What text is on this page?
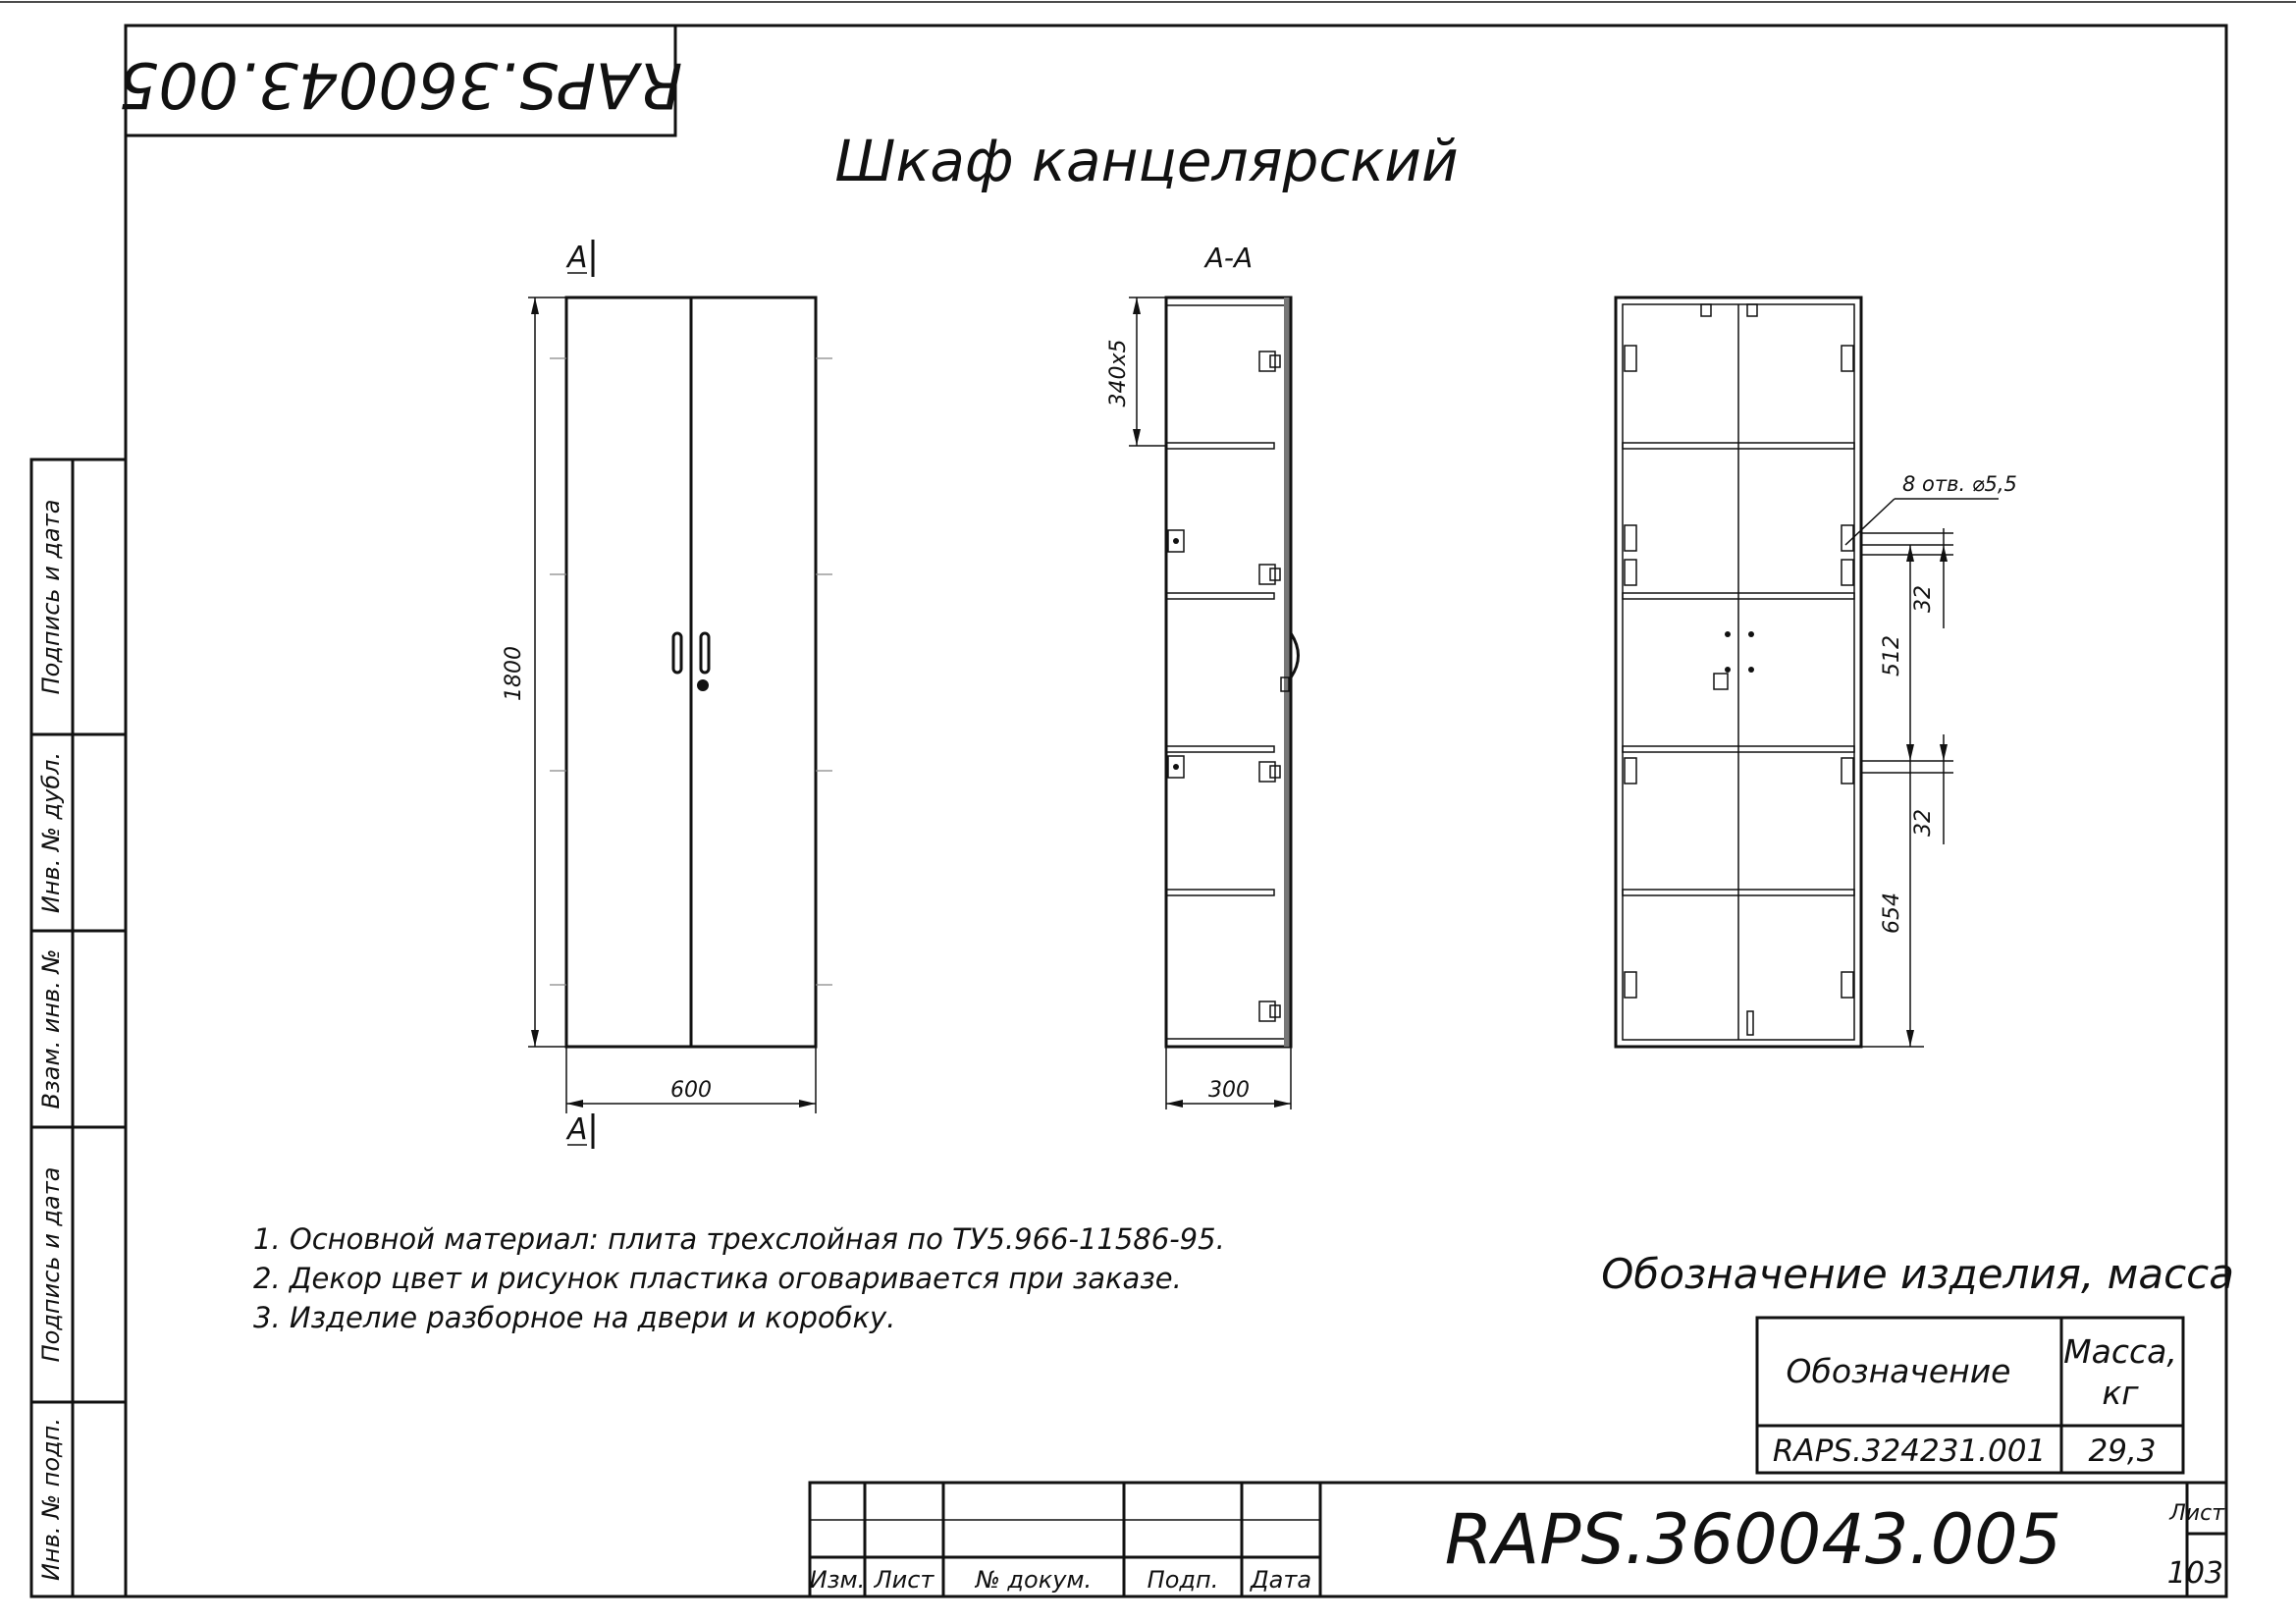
RAPS.360043.005
Шкаф канцелярский
Подпись и дата
Инв. № дубл.
Взам. инв. №
Подпись и дата
Инв. № подп.
1800
600
А
А
А-А
300
340x5
8 отв. ⌀5,5
32
512
32
654
1. Основной материал: плита трехслойная по ТУ5.966-11586-95.
2. Декор цвет и рисунок пластика оговаривается при заказе.
3. Изделие разборное на двери и коробку.
Обозначение изделия, масса
Обозначение
Масса,
кг
RAPS.324231.001 29,3
Изм. Лист № докум. Подп. Дата RAPS.360043.005	Лист
103
